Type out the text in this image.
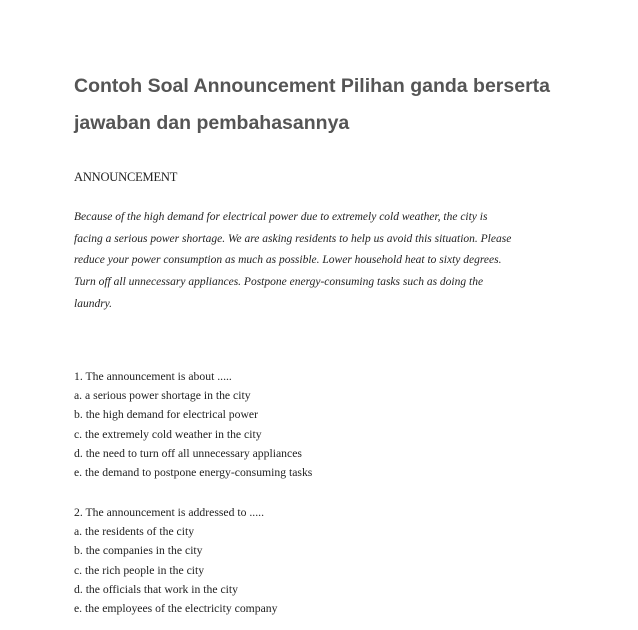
Contoh Soal Announcement Pilihan ganda berserta
jawaban dan pembahasannya
ANNOUNCEMENT
Because of the high demand for electrical power due to extremely cold weather, the city is
facing a serious power shortage. We are asking residents to help us avoid this situation. Please
reduce your power consumption as much as possible. Lower household heat to sixty degrees.
Turn off all unnecessary appliances. Postpone energy-consuming tasks such as doing the
laundry.
1. The announcement is about .....
a. a serious power shortage in the city
b. the high demand for electrical power
c. the extremely cold weather in the city
d. the need to turn off all unnecessary appliances
e. the demand to postpone energy-consuming tasks
2. The announcement is addressed to .....
a. the residents of the city
b. the companies in the city
c. the rich people in the city
d. the officials that work in the city
e. the employees of the electricity company
